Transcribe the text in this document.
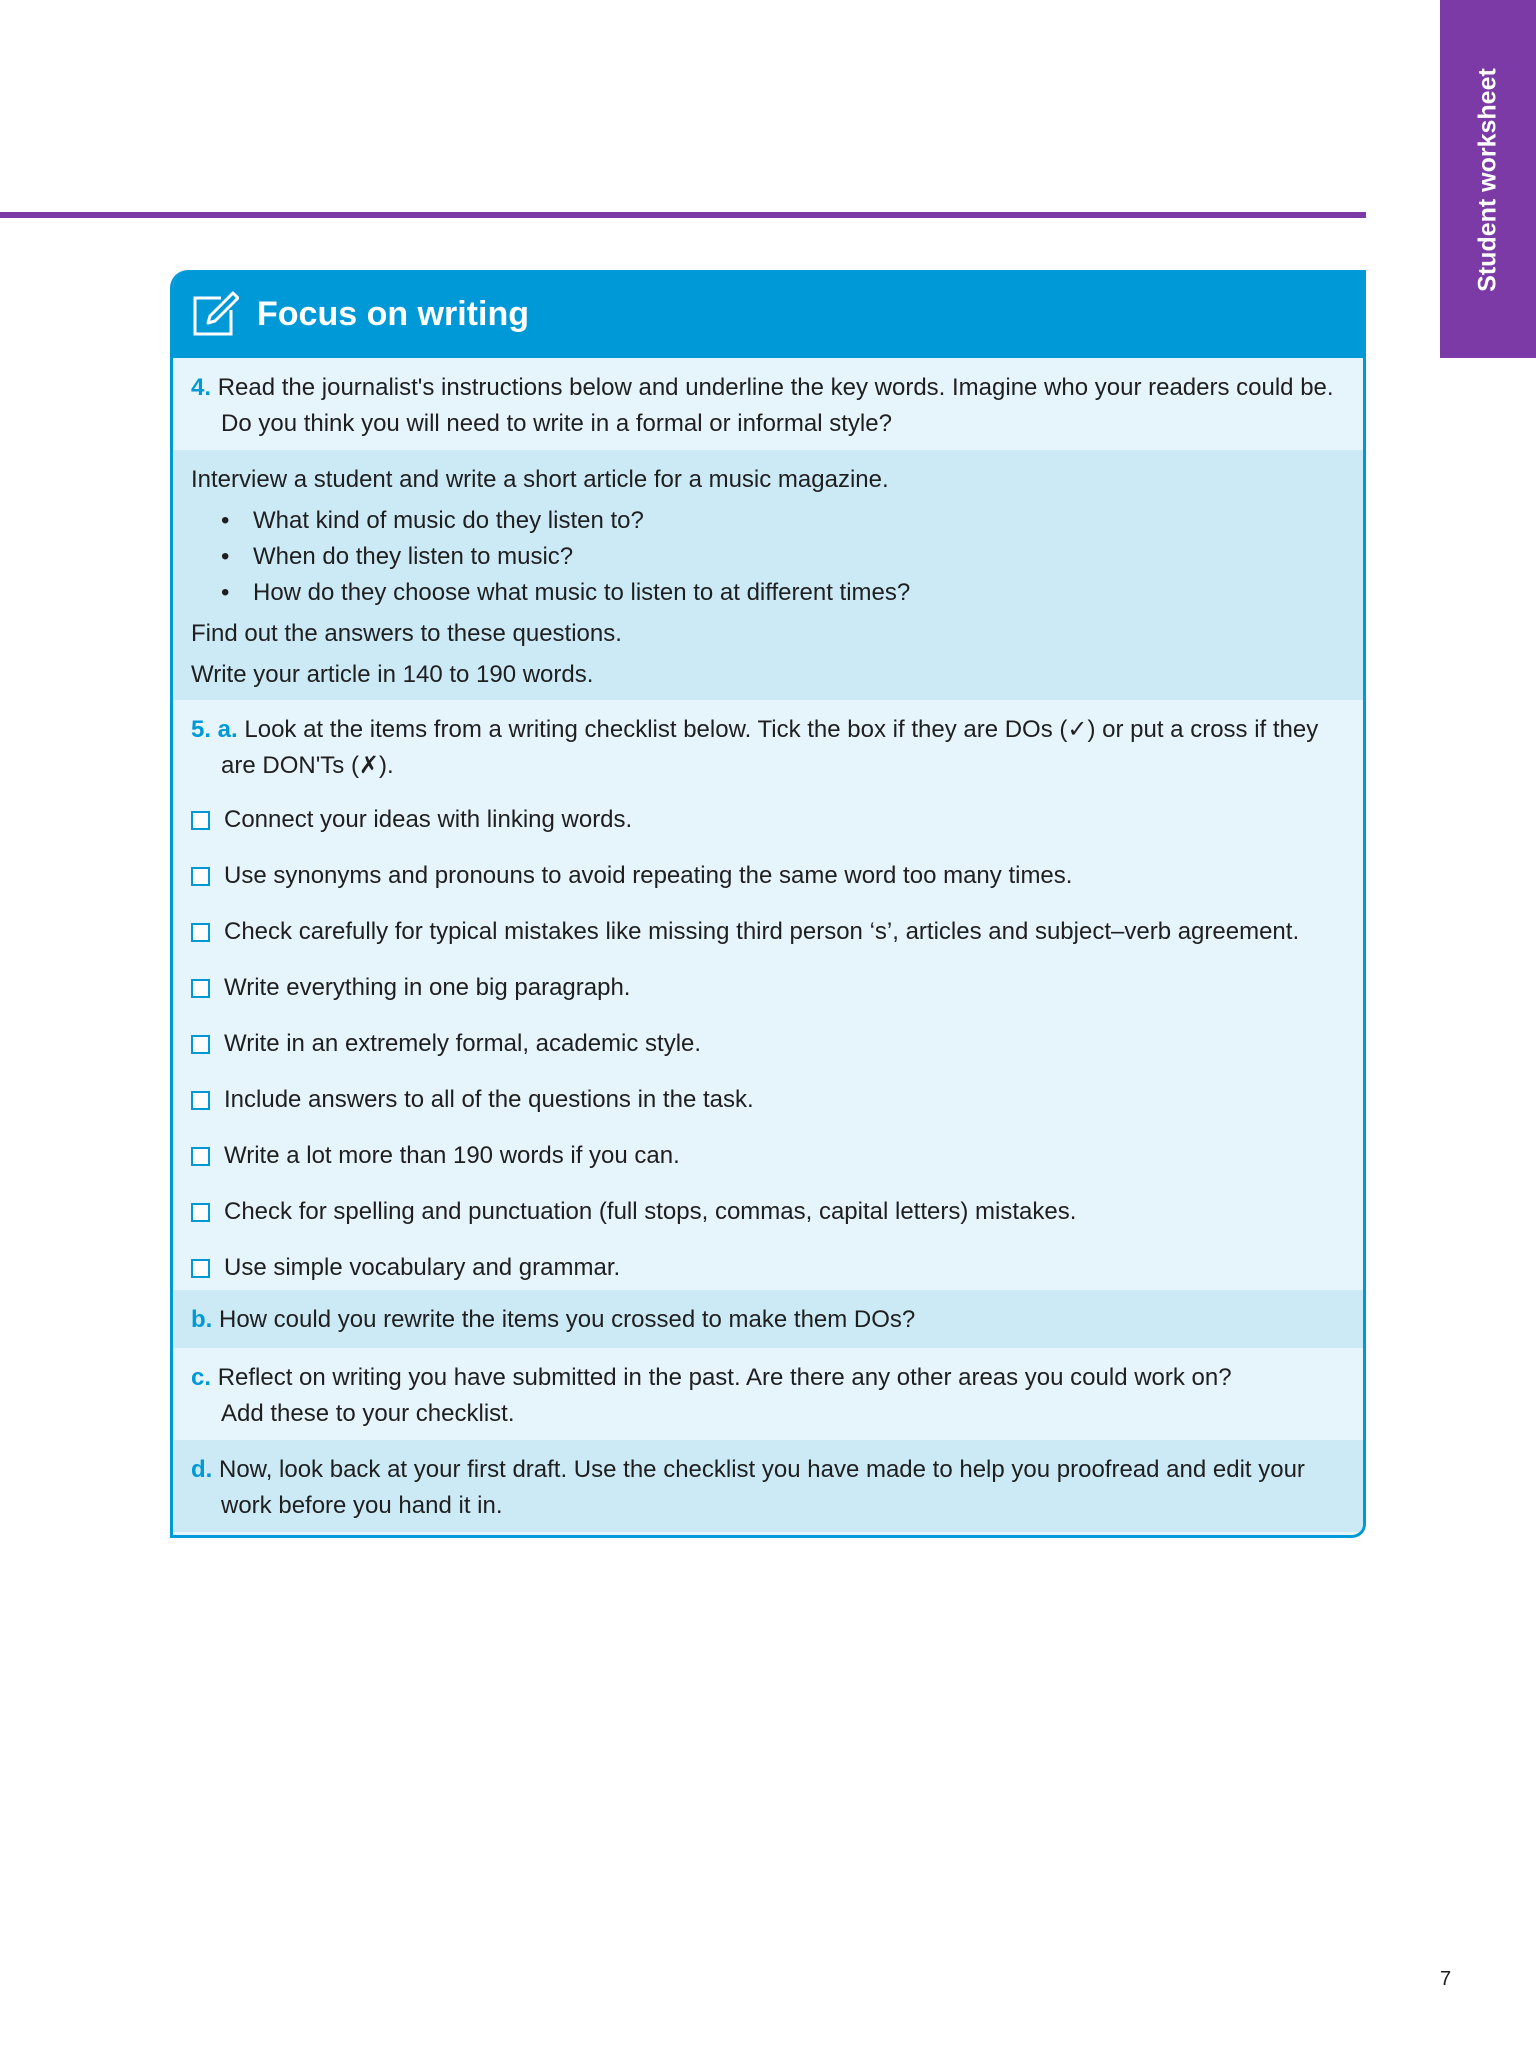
Student worksheet
Focus on writing
4. Read the journalist's instructions below and underline the key words. Imagine who your readers could be.
Do you think you will need to write in a formal or informal style?
Interview a student and write a short article for a music magazine.
• What kind of music do they listen to?
• When do they listen to music?
• How do they choose what music to listen to at different times?
Find out the answers to these questions.
Write your article in 140 to 190 words.
5. a. Look at the items from a writing checklist below. Tick the box if they are DOs (✓) or put a cross if they
are DON'Ts (✗).
Connect your ideas with linking words.
Use synonyms and pronouns to avoid repeating the same word too many times.
Check carefully for typical mistakes like missing third person ‘s’, articles and subject–verb agreement.
Write everything in one big paragraph.
Write in an extremely formal, academic style.
Include answers to all of the questions in the task.
Write a lot more than 190 words if you can.
Check for spelling and punctuation (full stops, commas, capital letters) mistakes.
Use simple vocabulary and grammar.
b. How could you rewrite the items you crossed to make them DOs?
c. Reflect on writing you have submitted in the past. Are there any other areas you could work on?
Add these to your checklist.
d. Now, look back at your first draft. Use the checklist you have made to help you proofread and edit your
work before you hand it in.
7
